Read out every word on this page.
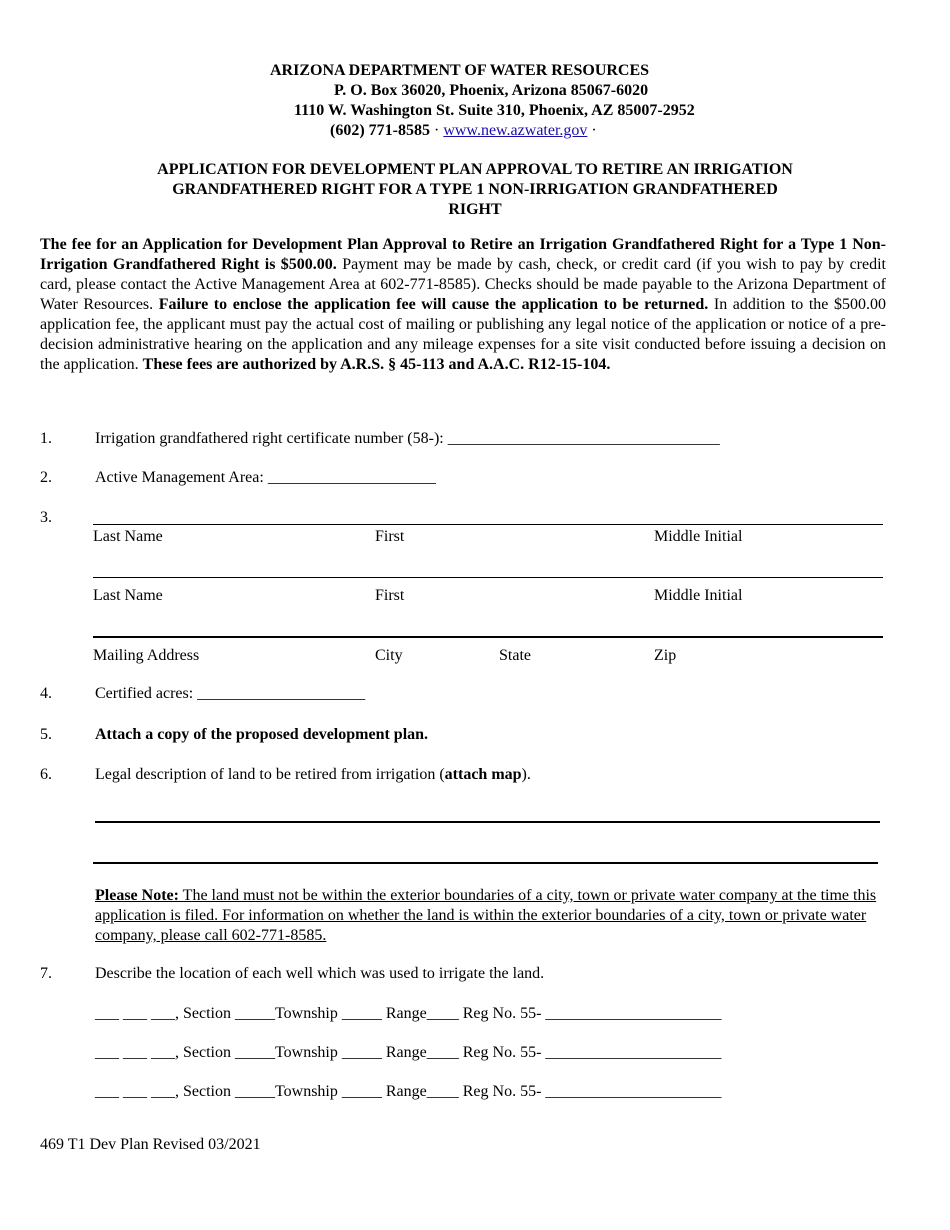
ARIZONA DEPARTMENT OF WATER RESOURCES
P. O. Box 36020, Phoenix, Arizona 85067-6020
1110 W. Washington St. Suite 310, Phoenix, AZ 85007-2952
(602) 771-8585 · www.new.azwater.gov ·
APPLICATION FOR DEVELOPMENT PLAN APPROVAL TO RETIRE AN IRRIGATION
GRANDFATHERED RIGHT FOR A TYPE 1 NON-IRRIGATION GRANDFATHERED
RIGHT
The fee for an Application for Development Plan Approval to Retire an Irrigation Grandfathered Right for a Type 1 Non-Irrigation Grandfathered Right is $500.00. Payment may be made by cash, check, or credit card (if you wish to pay by credit card, please contact the Active Management Area at 602-771-8585). Checks should be made payable to the Arizona Department of Water Resources. Failure to enclose the application fee will cause the application to be returned. In addition to the $500.00 application fee, the applicant must pay the actual cost of mailing or publishing any legal notice of the application or notice of a pre-decision administrative hearing on the application and any mileage expenses for a site visit conducted before issuing a decision on the application. These fees are authorized by A.R.S. § 45-113 and A.A.C. R12-15-104.
1.	Irrigation grandfathered right certificate number (58-): __________________________________
2.	Active Management Area: _____________________
3.
Last Name	First	Middle Initial
Last Name	First	Middle Initial
Mailing Address	City	State	Zip
4.	Certified acres: _____________________
5.	Attach a copy of the proposed development plan.
6.	Legal description of land to be retired from irrigation (attach map).
Please Note: The land must not be within the exterior boundaries of a city, town or private water company at the time this application is filed. For information on whether the land is within the exterior boundaries of a city, town or private water company, please call 602-771-8585.
7.	Describe the location of each well which was used to irrigate the land.
___ ___ ___, Section _____Township _____ Range____ Reg No. 55- ______________________
___ ___ ___, Section _____Township _____ Range____ Reg No. 55- ______________________
___ ___ ___, Section _____Township _____ Range____ Reg No. 55- ______________________
469 T1 Dev Plan Revised 03/2021
